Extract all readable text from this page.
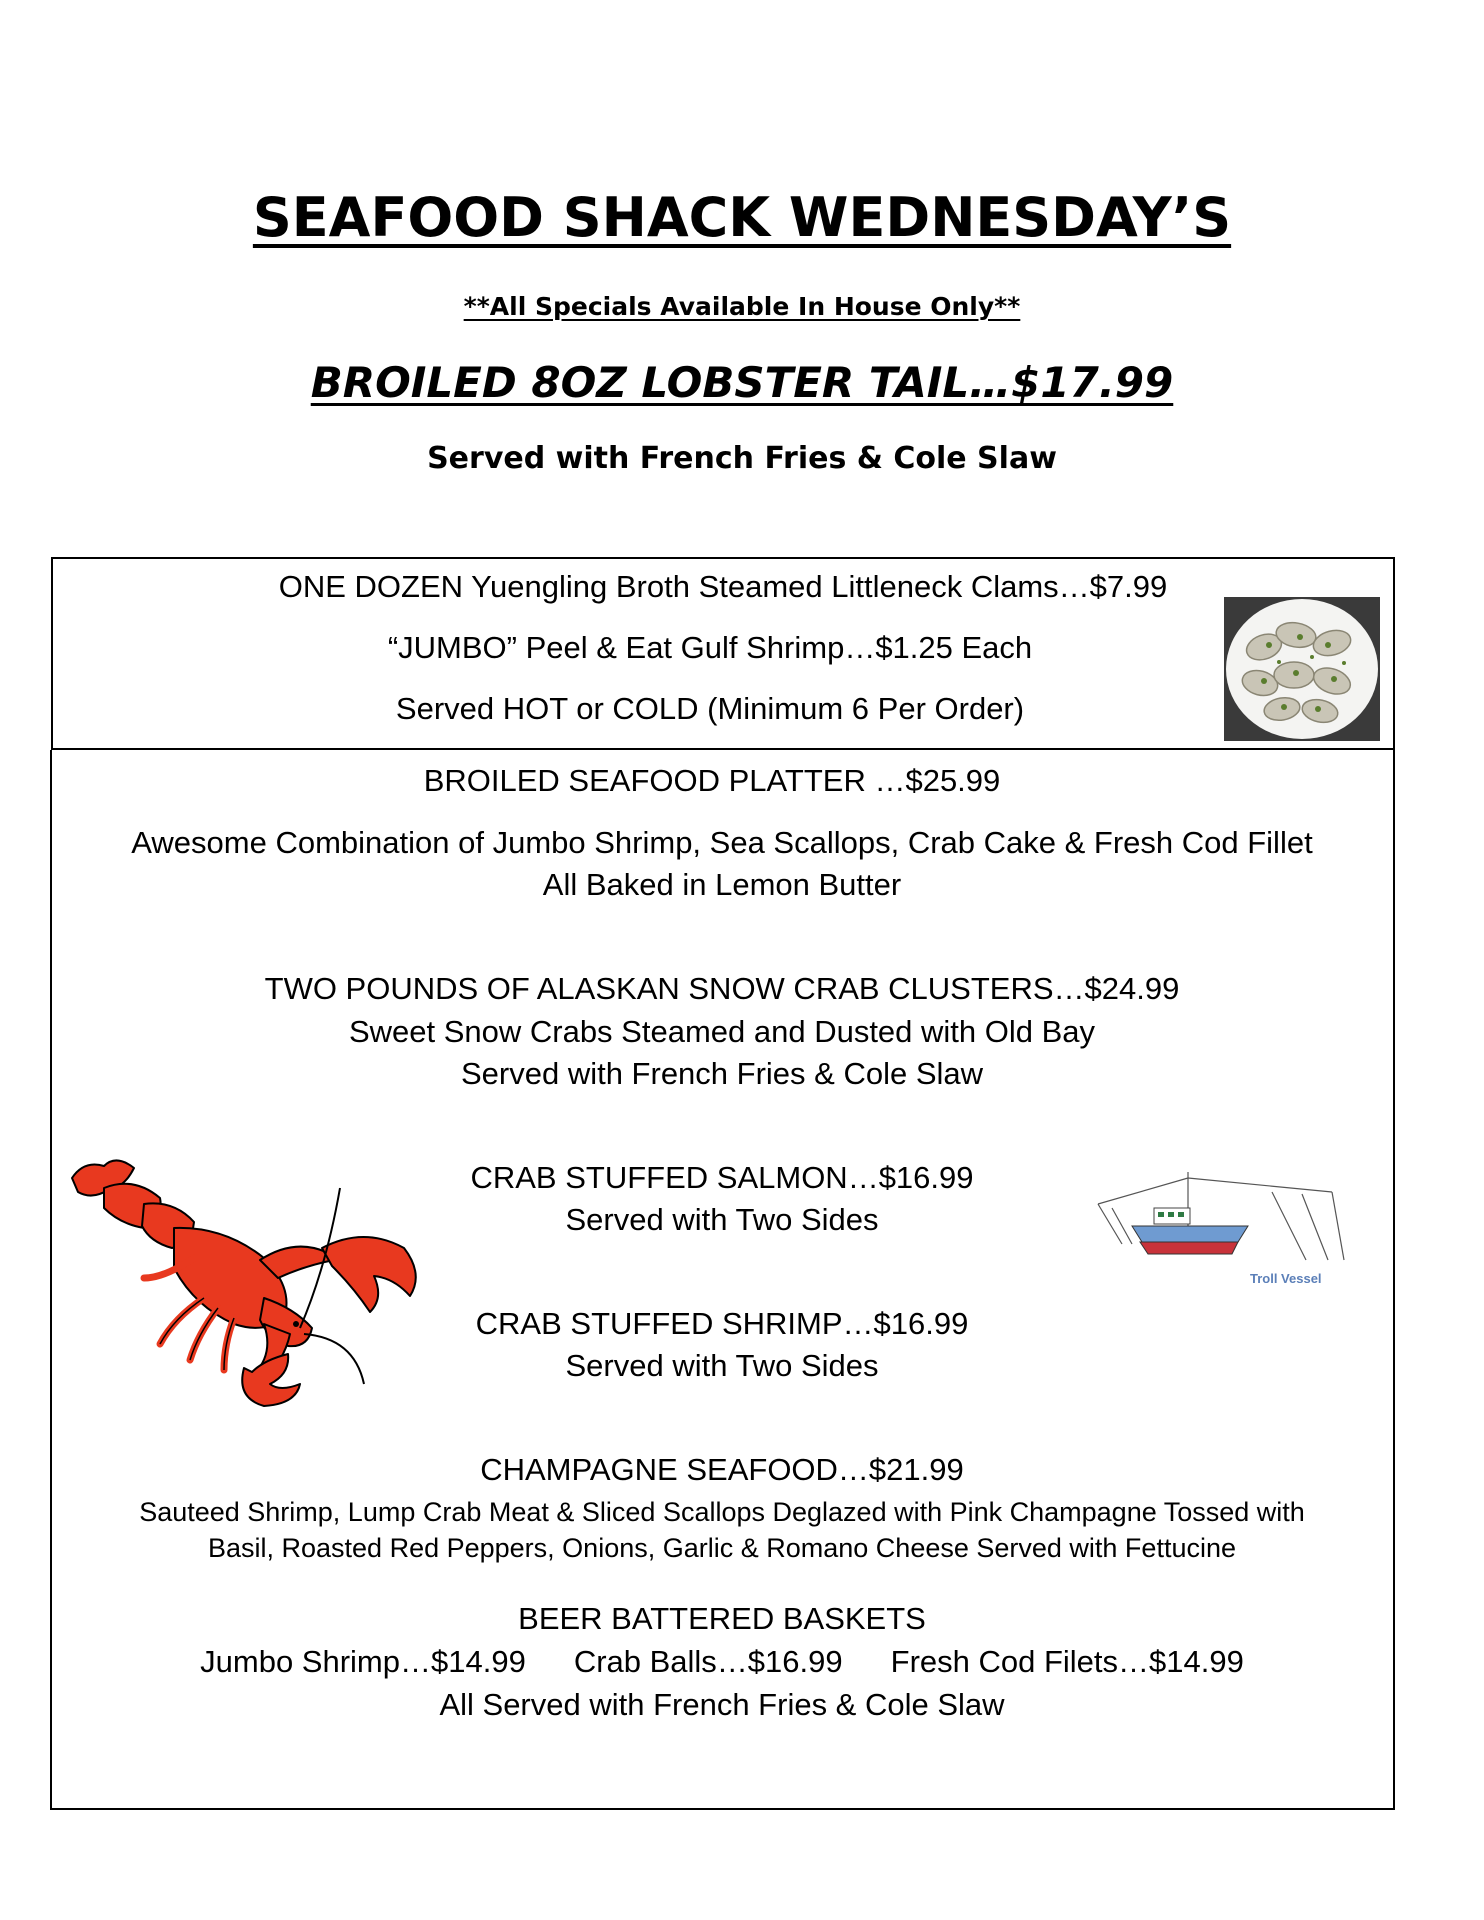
SEAFOOD SHACK WEDNESDAY’S
**All Specials Available In House Only**
BROILED 8OZ LOBSTER TAIL…$17.99
Served with French Fries & Cole Slaw
ONE DOZEN Yuengling Broth Steamed Littleneck Clams…$7.99
“JUMBO” Peel & Eat Gulf Shrimp…$1.25 Each
Served HOT or COLD (Minimum 6 Per Order)
BROILED SEAFOOD PLATTER …$25.99
Awesome Combination of Jumbo Shrimp, Sea Scallops, Crab Cake & Fresh Cod Fillet
All Baked in Lemon Butter
TWO POUNDS OF ALASKAN SNOW CRAB CLUSTERS…$24.99
Sweet Snow Crabs Steamed and Dusted with Old Bay
Served with French Fries & Cole Slaw
CRAB STUFFED SALMON…$16.99
Served with Two Sides
CRAB STUFFED SHRIMP…$16.99
Served with Two Sides
CHAMPAGNE SEAFOOD…$21.99
Sauteed Shrimp, Lump Crab Meat & Sliced Scallops Deglazed with Pink Champagne Tossed with
Basil, Roasted Red Peppers, Onions, Garlic & Romano Cheese Served with Fettucine
BEER BATTERED BASKETS
Jumbo Shrimp…$14.99 Crab Balls…$16.99 Fresh Cod Filets…$14.99
All Served with French Fries & Cole Slaw
Troll Vessel
